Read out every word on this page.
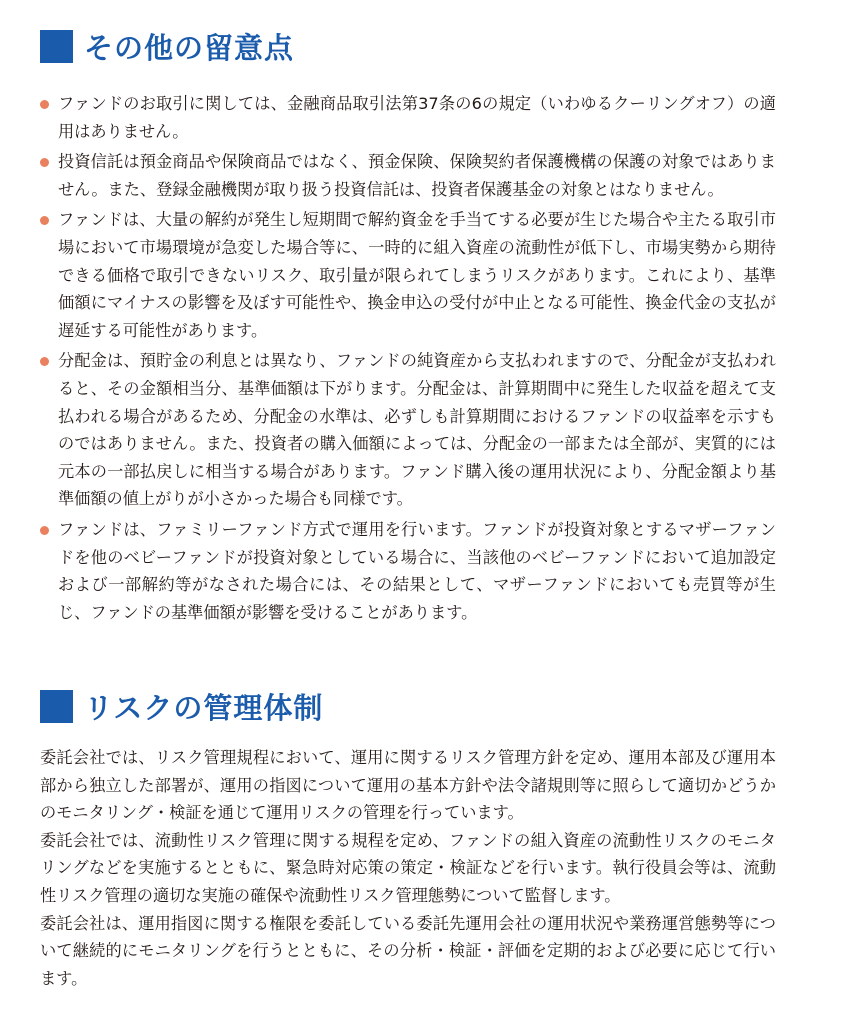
その他の留意点
ファンドのお取引に関しては、金融商品取引法第37条の6の規定（いわゆるクーリングオフ）の適用はありません。
投資信託は預金商品や保険商品ではなく、預金保険、保険契約者保護機構の保護の対象ではありません。また、登録金融機関が取り扱う投資信託は、投資者保護基金の対象とはなりません。
ファンドは、大量の解約が発生し短期間で解約資金を手当てする必要が生じた場合や主たる取引市場において市場環境が急変した場合等に、一時的に組入資産の流動性が低下し、市場実勢から期待できる価格で取引できないリスク、取引量が限られてしまうリスクがあります。これにより、基準価額にマイナスの影響を及ぼす可能性や、換金申込の受付が中止となる可能性、換金代金の支払が遅延する可能性があります。
分配金は、預貯金の利息とは異なり、ファンドの純資産から支払われますので、分配金が支払われると、その金額相当分、基準価額は下がります。分配金は、計算期間中に発生した収益を超えて支払われる場合があるため、分配金の水準は、必ずしも計算期間におけるファンドの収益率を示すものではありません。また、投資者の購入価額によっては、分配金の一部または全部が、実質的には元本の一部払戻しに相当する場合があります。ファンド購入後の運用状況により、分配金額より基準価額の値上がりが小さかった場合も同様です。
ファンドは、ファミリーファンド方式で運用を行います。ファンドが投資対象とするマザーファンドを他のベビーファンドが投資対象としている場合に、当該他のベビーファンドにおいて追加設定および一部解約等がなされた場合には、その結果として、マザーファンドにおいても売買等が生じ、ファンドの基準価額が影響を受けることがあります。
リスクの管理体制

委託会社では、リスク管理規程において、運用に関するリスク管理方針を定め、運用本部及び運用本部から独立した部署が、運用の指図について運用の基本方針や法令諸規則等に照らして適切かどうかのモニタリング・検証を通じて運用リスクの管理を行っています。

委託会社では、流動性リスク管理に関する規程を定め、ファンドの組入資産の流動性リスクのモニタリングなどを実施するとともに、緊急時対応策の策定・検証などを行います。執行役員会等は、流動性リスク管理の適切な実施の確保や流動性リスク管理態勢について監督します。

委託会社は、運用指図に関する権限を委託している委託先運用会社の運用状況や業務運営態勢等について継続的にモニタリングを行うとともに、その分析・検証・評価を定期的および必要に応じて行います。
